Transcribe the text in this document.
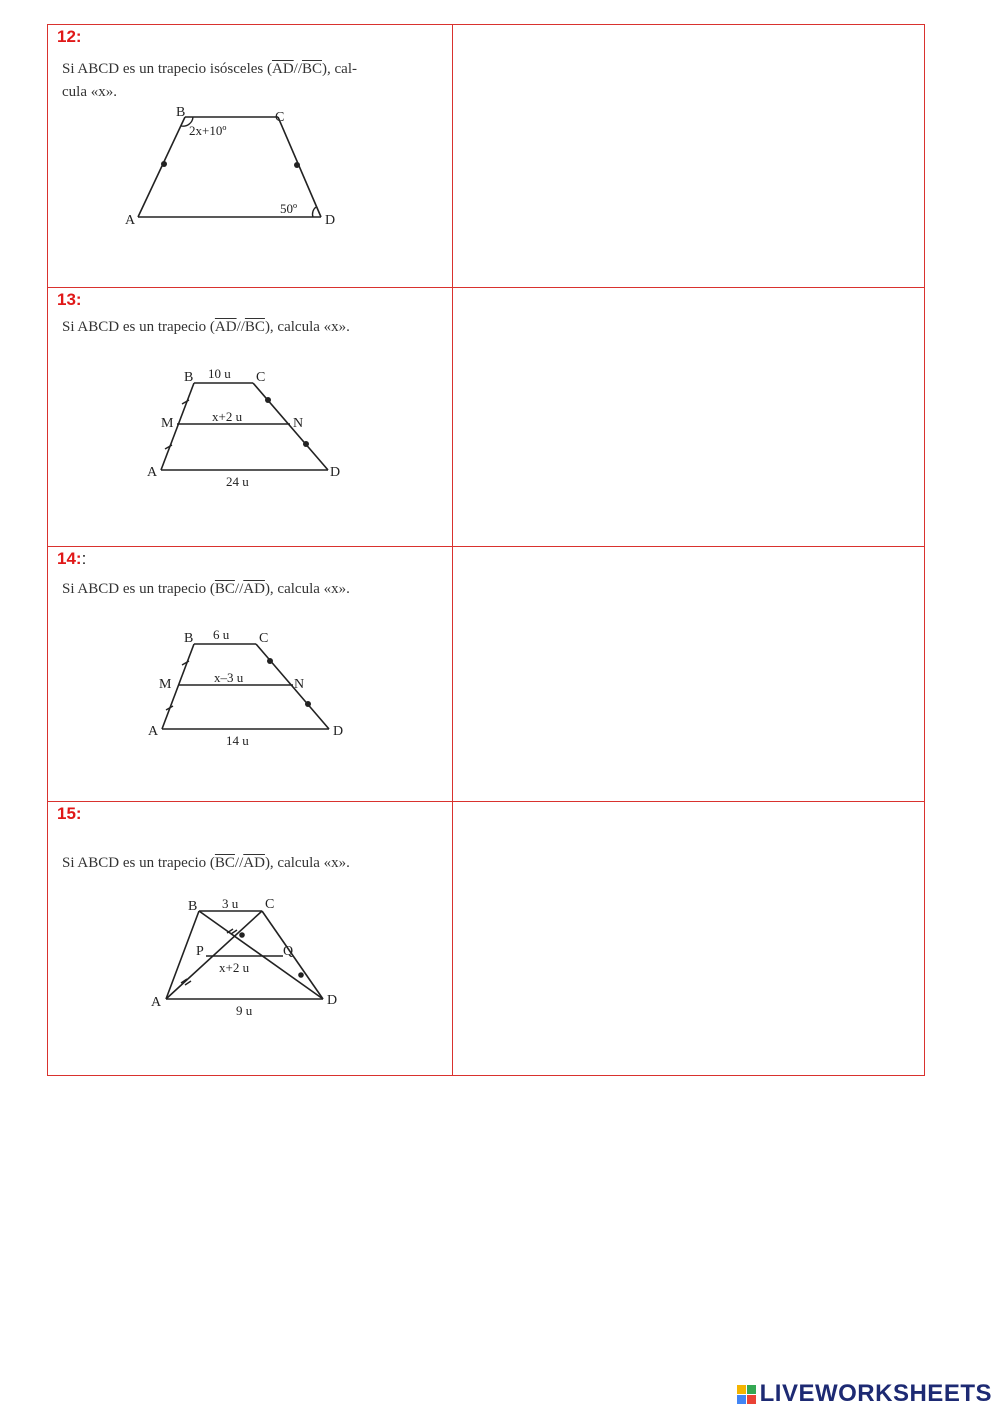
12:
Si ABCD es un trapecio isósceles $(\overline{AD}//\overline{BC})$, cal-
cula «x».
B	C
A	D
2x+10º
50º
13:
Si ABCD es un trapecio $(\overline{AD}//\overline{BC})$, calcula «x».
B	C
10 u
M	N
x+2 u
A	D
24 u
14::
Si ABCD es un trapecio $(\overline{BC}//\overline{AD})$, calcula «x».
B	C
6 u
M	N
x–3 u
A	D
14 u
15:
Si ABCD es un trapecio $(\overline{BC}//\overline{AD})$, calcula «x».
B	C
3 u
P	Q
x+2 u
A	D
9 u
LIVEWORKSHEETS
